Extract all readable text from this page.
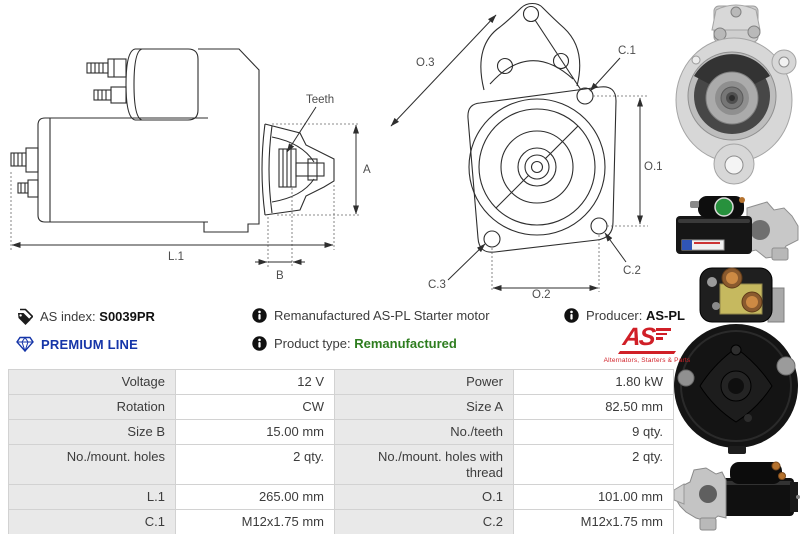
Teeth
A
L.1
B
O.3
C.1
O.1
C.2
C.3
O.2
AS index: S0039PR
PREMIUM LINE
Remanufactured AS-PL Starter motor
Product type: Remanufactured
Producer: AS-PL
AS
Alternators, Starters & Parts
Voltage	12 V	Power	1.80 kW
Rotation	CW	Size A	82.50 mm
Size B	15.00 mm	No./teeth	9 qty.
No./mount. holes	2 qty.	No./mount. holes with thread	2 qty.
L.1	265.00 mm	O.1	101.00 mm
C.1	M12x1.75 mm	C.2	M12x1.75 mm
